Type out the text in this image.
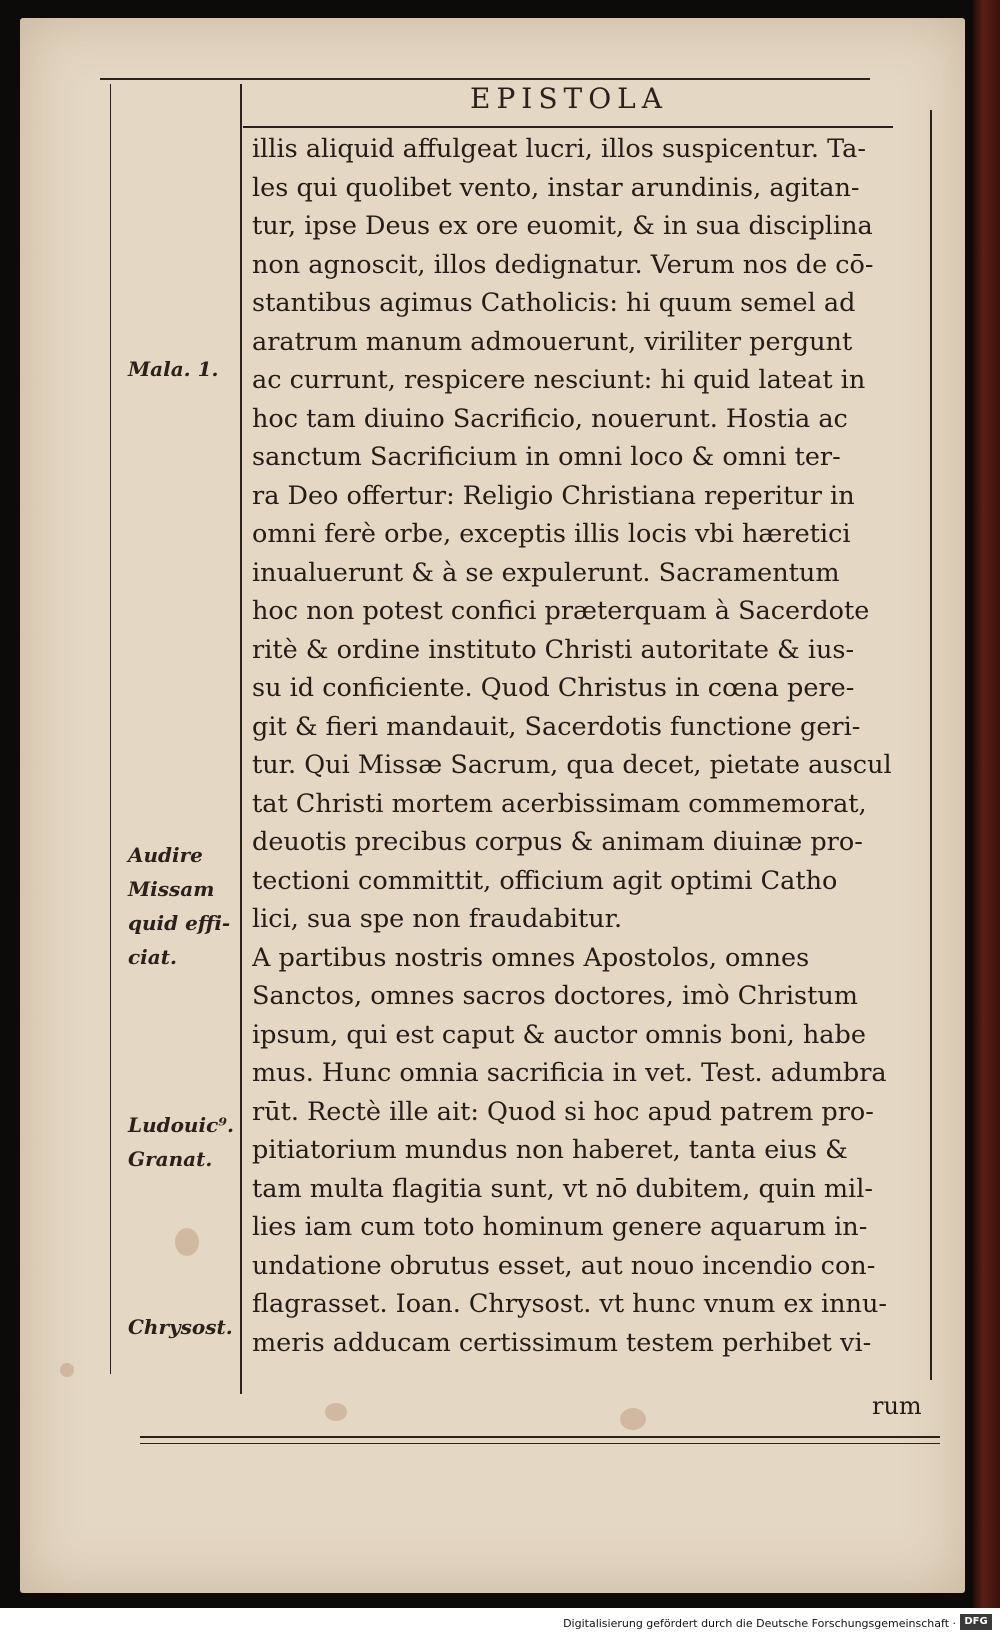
EPISTOLA
illis aliquid affulgeat lucri, illos suspicentur. Ta-
les qui quolibet vento, instar arundinis, agitan-
tur, ipse Deus ex ore euomit, & in sua disciplina
non agnoscit, illos dedignatur. Verum nos de cō-
stantibus agimus Catholicis: hi quum semel ad
aratrum manum admouerunt, viriliter pergunt
ac currunt, respicere nesciunt: hi quid lateat in
hoc tam diuino Sacrificio, nouerunt. Hostia ac
sanctum Sacrificium in omni loco & omni ter-
ra Deo offertur: Religio Christiana reperitur in
omni ferè orbe, exceptis illis locis vbi hæretici
inualuerunt & à se expulerunt. Sacramentum
hoc non potest confici præterquam à Sacerdote
ritè & ordine instituto Christi autoritate & ius-
su id conficiente. Quod Christus in cœna pere-
git & fieri mandauit, Sacerdotis functione geri-
tur. Qui Missæ Sacrum, qua decet, pietate auscul
tat Christi mortem acerbissimam commemorat,
deuotis precibus corpus & animam diuinæ pro-
tectioni committit, officium agit optimi Catho
lici, sua spe non fraudabitur.
A partibus nostris omnes Apostolos, omnes
Sanctos, omnes sacros doctores, imò Christum
ipsum, qui est caput & auctor omnis boni, habe
mus. Hunc omnia sacrificia in vet. Test. adumbra
rūt. Rectè ille ait: Quod si hoc apud patrem pro-
pitiatorium mundus non haberet, tanta eius &
tam multa flagitia sunt, vt nō dubitem, quin mil-
lies iam cum toto hominum genere aquarum in-
undatione obrutus esset, aut nouo incendio con-
flagrasset. Ioan. Chrysost. vt hunc vnum ex innu-
meris adducam certissimum testem perhibet vi-
rum
Mala. 1.
Audire
Missam
quid effi-
ciat.
Ludouic⁹.
Granat.
Chrysost.
Digitalisierung gefördert durch die Deutsche Forschungsgemeinschaft · DFG
